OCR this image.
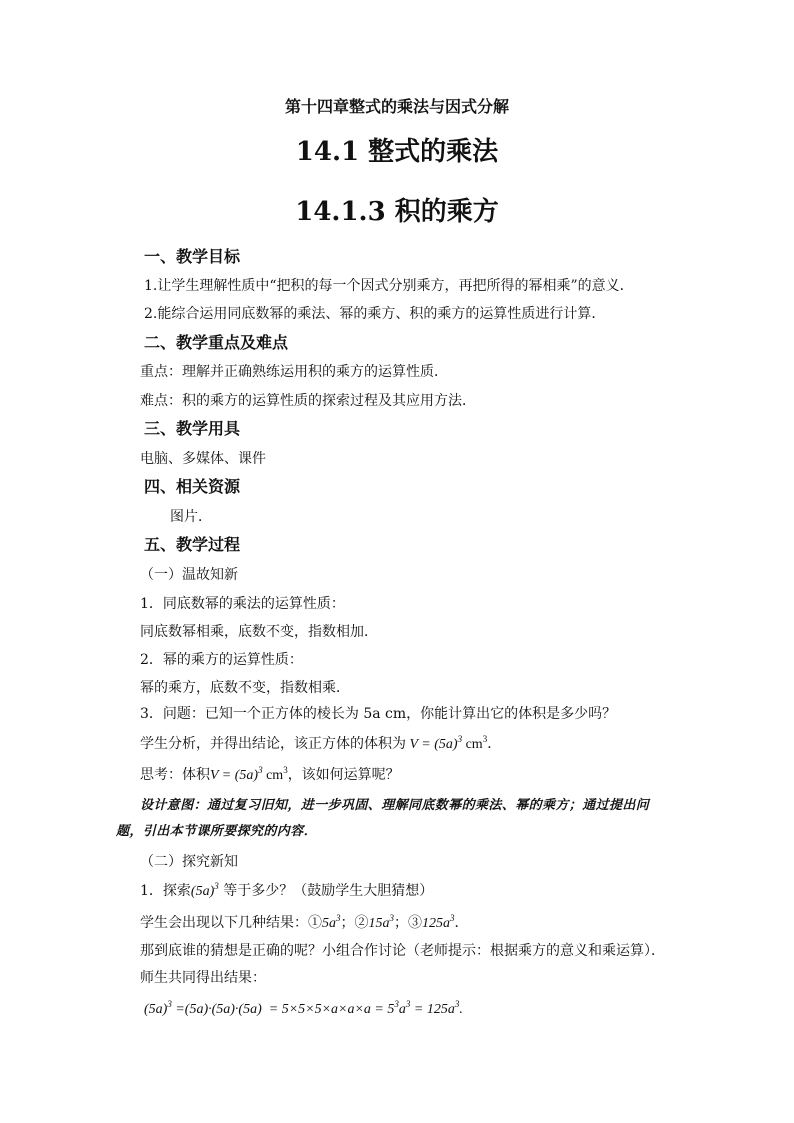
第十四章整式的乘法与因式分解
14.1 整式的乘法
14.1.3 积的乘方
一、教学目标
1.让学生理解性质中“把积的每一个因式分别乘方，再把所得的幂相乘”的意义．
2.能综合运用同底数幂的乘法、幂的乘方、积的乘方的运算性质进行计算．
二、教学重点及难点
重点：理解并正确熟练运用积的乘方的运算性质．
难点：积的乘方的运算性质的探索过程及其应用方法．
三、教学用具
电脑、多媒体、课件
四、相关资源
图片．
五、教学过程
（一）温故知新
1．同底数幂的乘法的运算性质：
同底数幂相乘，底数不变，指数相加．
2．幂的乘方的运算性质：
幂的乘方，底数不变，指数相乘．
3．问题：已知一个正方体的棱长为 5a cm，你能计算出它的体积是多少吗？
学生分析，并得出结论，该正方体的体积为 $V = (5a)^3$ $cm^3$．
思考：体积$V = (5a)^3$ $cm^3$，该如何运算呢？
设计意图：通过复习旧知，进一步巩固、理解同底数幂的乘法、幂的乘方；通过提出问
题，引出本节课所要探究的内容．
（二）探究新知
1．探索$(5a)^3$ 等于多少？（鼓励学生大胆猜想）
学生会出现以下几种结果：$①5a^3$；$②15a^3$；$③125a^3$．
那到底谁的猜想是正确的呢？小组合作讨论（老师提示：根据乘方的意义和乘运算）．
师生共同得出结果：
$(5a)^3 =(5a)\cdot(5a)\cdot(5a) = 5\times 5\times 5\times a\times a\times a = 5^3a^3 = 125a^3$.
